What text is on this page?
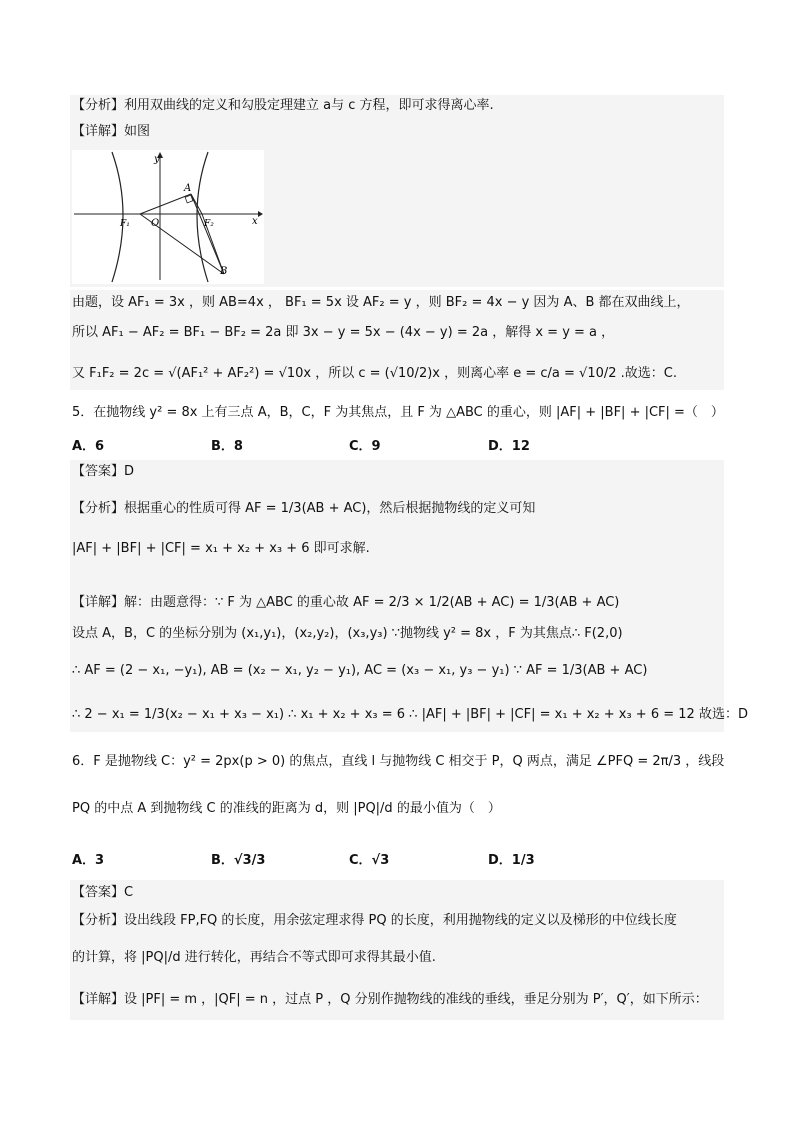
【分析】利用双曲线的定义和勾股定理建立 a与 c 方程，即可求得离心率.
【详解】如图
y
x
O
A
B
F₁	F₂
由题，设 AF₁ = 3x ，则 AB=4x ， BF₁ = 5x 设 AF₂ = y ，则 BF₂ = 4x − y 因为 A、B 都在双曲线上，
所以 AF₁ − AF₂ = BF₁ − BF₂ = 2a 即 3x − y = 5x − (4x − y) = 2a ，解得 x = y = a ，
又 F₁F₂ = 2c = √(AF₁² + AF₂²) = √10x ，所以 c = (√10/2)x ，则离心率 e = c/a = √10/2 .故选：C.
5．在抛物线 y² = 8x 上有三点 A，B，C，F 为其焦点，且 F 为 △ABC 的重心，则 |AF| + |BF| + |CF| =（　）
A．6	B．8	C．9	D．12
【答案】D
【分析】根据重心的性质可得 AF = 1/3(AB + AC)，然后根据抛物线的定义可知
|AF| + |BF| + |CF| = x₁ + x₂ + x₃ + 6 即可求解.
【详解】解：由题意得：∵ F 为 △ABC 的重心故 AF = 2/3 × 1/2(AB + AC) = 1/3(AB + AC)
设点 A，B，C 的坐标分别为 (x₁,y₁)，(x₂,y₂)，(x₃,y₃) ∵抛物线 y² = 8x ，F 为其焦点∴ F(2,0)
∴ AF = (2 − x₁, −y₁), AB = (x₂ − x₁, y₂ − y₁), AC = (x₃ − x₁, y₃ − y₁) ∵ AF = 1/3(AB + AC)
∴ 2 − x₁ = 1/3(x₂ − x₁ + x₃ − x₁) ∴ x₁ + x₂ + x₃ = 6 ∴ |AF| + |BF| + |CF| = x₁ + x₂ + x₃ + 6 = 12 故选：D
6．F 是抛物线 C：y² = 2px(p > 0) 的焦点，直线 l 与抛物线 C 相交于 P，Q 两点，满足 ∠PFQ = 2π/3 ，线段
PQ 的中点 A 到抛物线 C 的准线的距离为 d，则 |PQ|/d 的最小值为（　）
A．3	B．√3/3	C．√3	D．1/3
【答案】C
【分析】设出线段 FP,FQ 的长度，用余弦定理求得 PQ 的长度，利用抛物线的定义以及梯形的中位线长度
的计算，将 |PQ|/d 进行转化，再结合不等式即可求得其最小值.
【详解】设 |PF| = m ，|QF| = n ，过点 P ，Q 分别作抛物线的准线的垂线，垂足分别为 P′，Q′，如下所示：
